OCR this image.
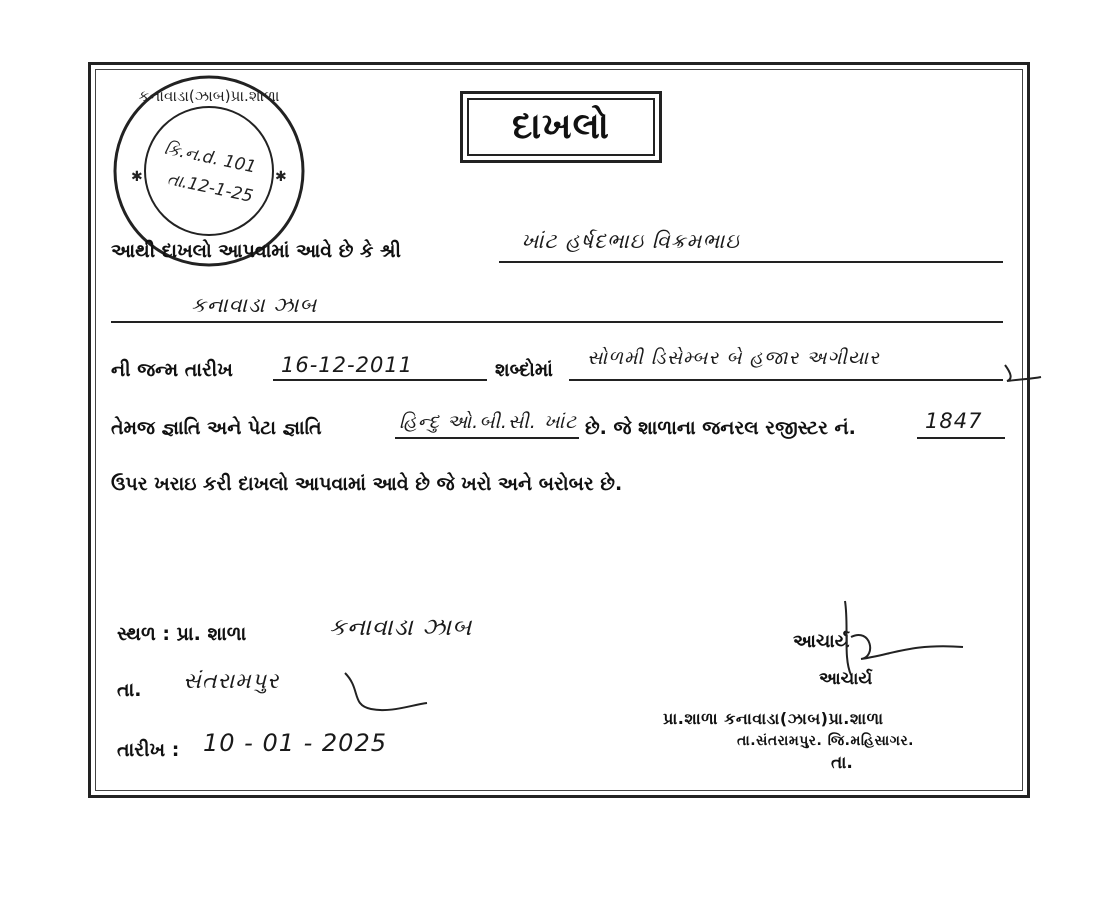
કનાવાડા(ઝાબ)પ્રા.શાળા
કિ.ન.d. 101
તા.12-1-25
✱	✱
દાખલો
આથી દાખલો આપવામાં આવે છે કે શ્રી	ખાંટ હર્ષદભાઇ વિક્રમભાઇ
કનાવાડા ઝાબ
ની જન્મ તારીખ 16-12-2011	શબ્દોમાં
સોળમી ડિસેમ્બર બે હજાર અગીયાર
તેમજ જ્ઞાતિ અને પેટા જ્ઞાતિ	હિન્દુ ઓ.બી.સી. ખાંટ છે. જે શાળાના જનરલ રજીસ્ટર નં.	1847
ઉપર ખરાઇ કરી દાખલો આપવામાં આવે છે જે ખરો અને બરોબર છે.
સ્થળ : પ્રા. શાળા	કનાવાડા ઝાબ
તા. સંતરામપુર
તારીખ : 10 - 01 - 2025
આચાર્ય
આચાર્ય
પ્રા.શાળા કનાવાડા(ઝાબ)પ્રા.શાળા
તા.સંતરામપુર. જિ.મહિસાગર.
તા.
